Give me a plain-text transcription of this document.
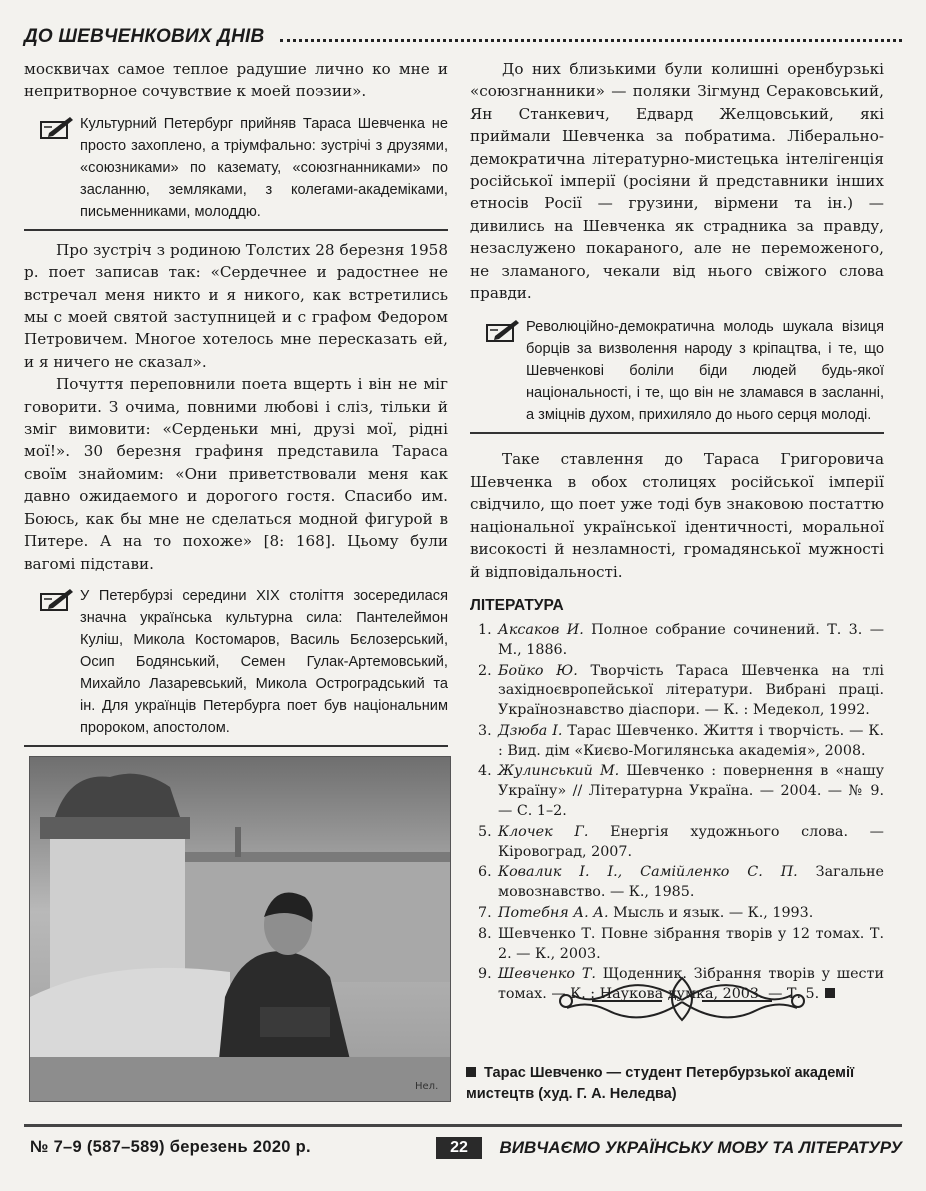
ДО ШЕВЧЕНКОВИХ ДНІВ

москвичах самое теплое радушие лично ко мне и непритворное сочувствие к моей поэзии».

Культурний Петербург прийняв Тараса Шевченка не просто захоплено, а тріумфально: зустрічі з друзями, «союзниками» по каземату, «союзгнанниками» по засланню, земляками, з колегами-академіками, письменниками, молоддю.

Про зустріч з родиною Толстих 28 березня 1958 р. поет записав так: «Сердечнее и радостнее не встречал меня никто и я никого, как встретились мы с моей святой заступницей и с графом Федором Петровичем. Многое хотелось мне пересказать ей, и я ничего не сказал».

Почуття переповнили поета вщерть і він не міг говорити. З очима, повними любові і сліз, тільки й зміг вимовити: «Серденьки мні, друзі мої, рідні мої!». 30 березня графиня представила Тараса своїм знайомим: «Они приветствовали меня как давно ожидаемого и дорогого гостя. Спасибо им. Боюсь, как бы мне не сделаться модной фигурой в Питере. А на то похоже» [8: 168]. Цьому були вагомі підстави.

У Петербурзі середини XIX століття зосередилася значна українська культурна сила: Пантелеймон Куліш, Микола Костомаров, Василь Бєлозерський, Осип Бодянський, Семен Гулак-Артемовський, Михайло Лазаревський, Микола Остроградський та ін. Для українців Петербурга поет був національним пророком, апостолом.
Нел.

До них близькими були колишні оренбурзькі «союзгнанники» — поляки Зігмунд Сераковський, Ян Станкевич, Едвард Желцовський, які приймали Шевченка за побратима. Ліберально-демократична літературно-мистецька інтелігенція російської імперії (росіяни й представники інших етносів Росії — грузини, вірмени та ін.) — дивились на Шевченка як страдника за правду, незаслужено покараного, але не переможеного, не зламаного, чекали від нього свіжого слова правди.

Революційно-демократична молодь шукала візиця борців за визволення народу з кріпацтва, і те, що Шевченкові боліли біди людей будь-якої національності, і те, що він не зламався в засланні, а зміцнів духом, прихиляло до нього серця молоді.

Таке ставлення до Тараса Григоровича Шевченка в обох столицях російської імперії свідчило, що поет уже тоді був знаковою постаттю національної української ідентичності, моральної високості й незламності, громадянської мужності й відповідальності.

ЛІТЕРАТУРА
1. Аксаков И. Полное собрание сочинений. Т. 3. — М., 1886.
2. Бойко Ю. Творчість Тараса Шевченка на тлі західноєвропейської літератури. Вибрані праці. Українознавство діаспори. — К. : Медекол, 1992.
3. Дзюба І. Тарас Шевченко. Життя і творчість. — К. : Вид. дім «Києво-Могилянська академія», 2008.
4. Жулинський М. Шевченко : повернення в «нашу Україну» // Літературна Україна. — 2004. — № 9. — С. 1–2.
5. Клочек Г. Енергія художнього слова. — Кіровоград, 2007.
6. Ковалик І. І., Самійленко С. П. Загальне мовознавство. — К., 1985.
7. Потебня А. А. Мысль и язык. — К., 1993.
8. Шевченко Т. Повне зібрання творів у 12 томах. Т. 2. — К., 2003.
9. Шевченко Т. Щоденник. Зібрання творів у шести томах. — К. : Наукова думка, 2003. — Т. 5.
Тарас Шевченко — студент Петербурзької академії мистецтв (худ. Г. А. Неледва)
№ 7–9 (587–589) березень 2020 р.	22	ВИВЧАЄМО УКРАЇНСЬКУ МОВУ ТА ЛІТЕРАТУРУ
